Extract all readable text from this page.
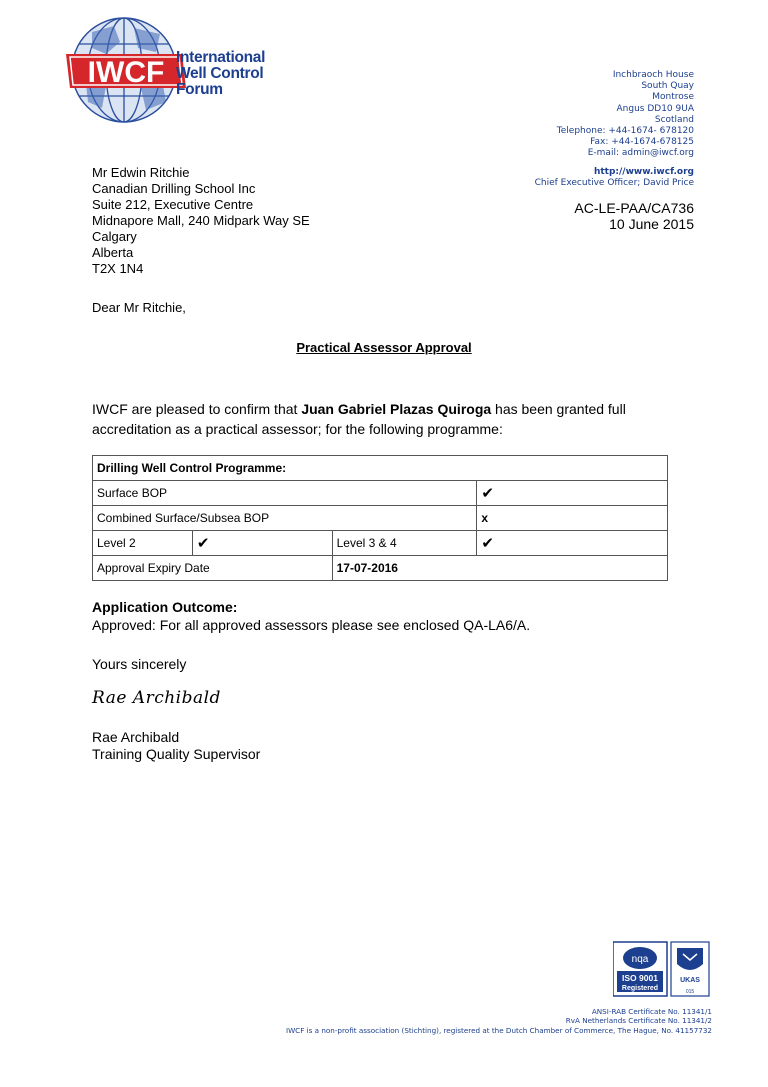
IWCF International
Well Control
Forum
Inchbraoch House
South Quay
Montrose
Angus DD10 9UA
Scotland
Telephone: +44-1674- 678120
Fax: +44-1674-678125
E-mail: admin@iwcf.org
http://www.iwcf.org
Chief Executive Officer; David Price
AC-LE-PAA/CA736
10 June 2015
Mr Edwin Ritchie
Canadian Drilling School Inc
Suite 212, Executive Centre
Midnapore Mall, 240 Midpark Way SE
Calgary
Alberta
T2X 1N4
Dear Mr Ritchie,
Practical Assessor Approval
IWCF are pleased to confirm that Juan Gabriel Plazas Quiroga has been granted full accreditation as a practical assessor; for the following programme:
Drilling Well Control Programme:			
Surface BOP			✔
Combined Surface/Subsea BOP			x
Level 2	✔	Level 3 & 4	✔
Approval Expiry Date		17-07-2016	
Application Outcome:
Approved: For all approved assessors please see enclosed QA-LA6/A.
Yours sincerely
Rae Archibald
Rae Archibald
Training Quality Supervisor
nqa
ISO 9001
Registered
UKAS
015
ANSI-RAB Certificate No. 11341/1
RvA Netherlands Certificate No. 11341/2
IWCF is a non-profit association (Stichting), registered at the Dutch Chamber of Commerce, The Hague, No. 41157732
